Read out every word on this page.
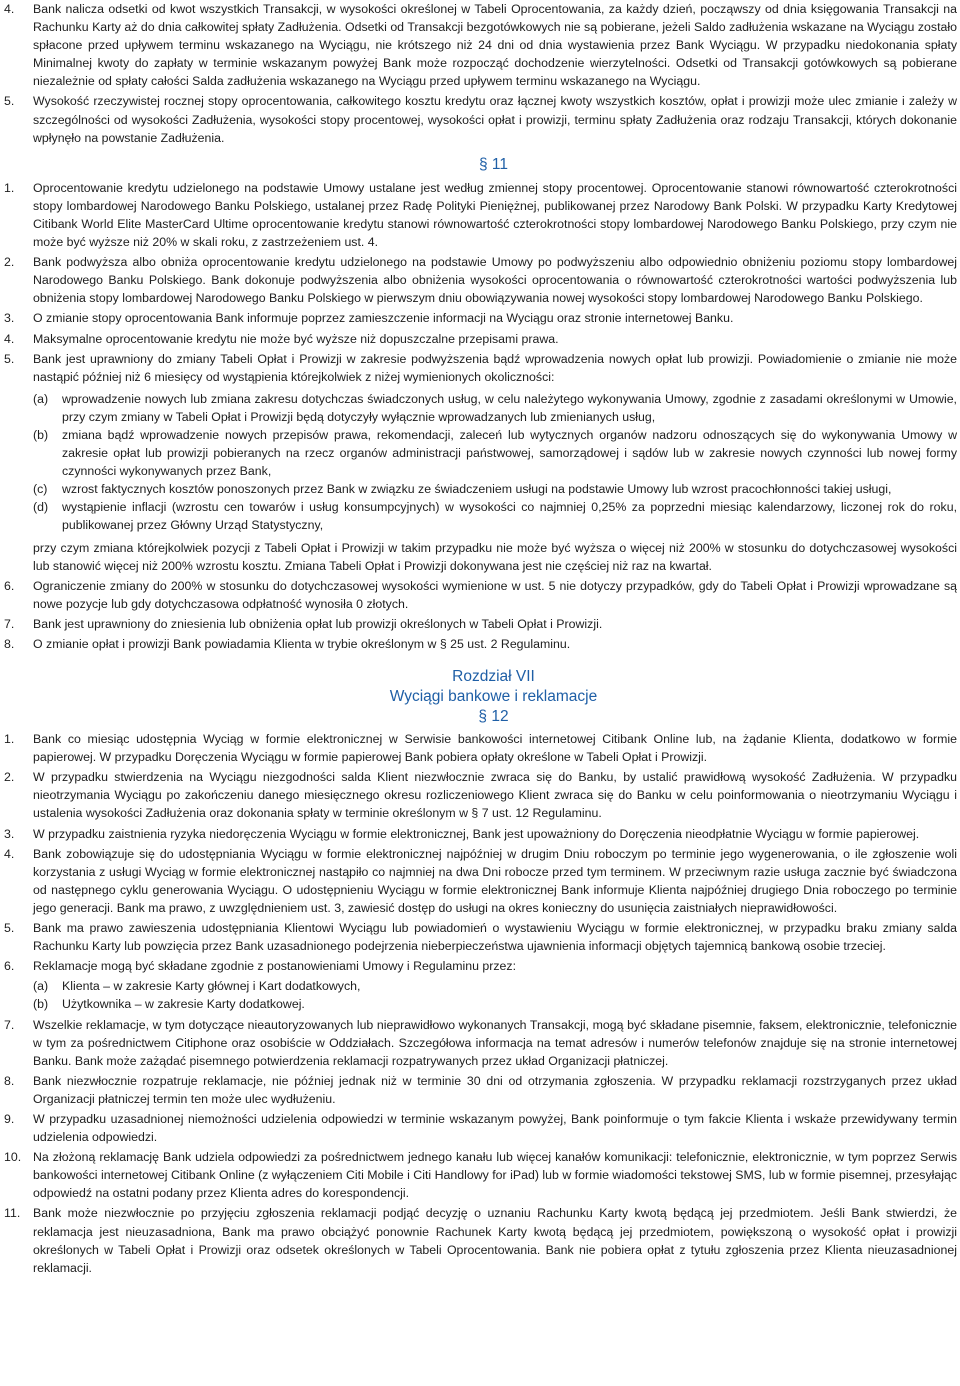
4.	Bank nalicza odsetki od kwot wszystkich Transakcji, w wysokości określonej w Tabeli Oprocentowania, za każdy dzień, począwszy od dnia księgowania Transakcji na Rachunku Karty aż do dnia całkowitej spłaty Zadłużenia. Odsetki od Transakcji bezgotówkowych nie są pobierane, jeżeli Saldo zadłużenia wskazane na Wyciągu zostało spłacone przed upływem terminu wskazanego na Wyciągu, nie krótszego niż 24 dni od dnia wystawienia przez Bank Wyciągu. W przypadku niedokonania spłaty Minimalnej kwoty do zapłaty w terminie wskazanym powyżej Bank może rozpocząć dochodzenie wierzytelności. Odsetki od Transakcji gotówkowych są pobierane niezależnie od spłaty całości Salda zadłużenia wskazanego na Wyciągu przed upływem terminu wskazanego na Wyciągu.
5.	Wysokość rzeczywistej rocznej stopy oprocentowania, całkowitego kosztu kredytu oraz łącznej kwoty wszystkich kosztów, opłat i prowizji może ulec zmianie i zależy w szczególności od wysokości Zadłużenia, wysokości stopy procentowej, wysokości opłat i prowizji, terminu spłaty Zadłużenia oraz rodzaju Transakcji, których dokonanie wpłynęło na powstanie Zadłużenia.
§ 11
1.	Oprocentowanie kredytu udzielonego na podstawie Umowy ustalane jest według zmiennej stopy procentowej. Oprocentowanie stanowi równowartość czterokrotności stopy lombardowej Narodowego Banku Polskiego, ustalanej przez Radę Polityki Pieniężnej, publikowanej przez Narodowy Bank Polski. W przypadku Karty Kredytowej Citibank World Elite MasterCard Ultime oprocentowanie kredytu stanowi równowartość czterokrotności stopy lombardowej Narodowego Banku Polskiego, przy czym nie może być wyższe niż 20% w skali roku, z zastrzeżeniem ust. 4.
2.	Bank podwyższa albo obniża oprocentowanie kredytu udzielonego na podstawie Umowy po podwyższeniu albo odpowiednio obniżeniu poziomu stopy lombardowej Narodowego Banku Polskiego. Bank dokonuje podwyższenia albo obniżenia wysokości oprocentowania o równowartość czterokrotności wartości podwyższenia lub obniżenia stopy lombardowej Narodowego Banku Polskiego w pierwszym dniu obowiązywania nowej wysokości stopy lombardowej Narodowego Banku Polskiego.
3.	O zmianie stopy oprocentowania Bank informuje poprzez zamieszczenie informacji na Wyciągu oraz stronie internetowej Banku.
4.	Maksymalne oprocentowanie kredytu nie może być wyższe niż dopuszczalne przepisami prawa.
5.	Bank jest uprawniony do zmiany Tabeli Opłat i Prowizji w zakresie podwyższenia bądź wprowadzenia nowych opłat lub prowizji. Powiadomienie o zmianie nie może nastąpić później niż 6 miesięcy od wystąpienia którejkolwiek z niżej wymienionych okoliczności:
(a)	wprowadzenie nowych lub zmiana zakresu dotychczas świadczonych usług, w celu należytego wykonywania Umowy, zgodnie z zasadami określonymi w Umowie, przy czym zmiany w Tabeli Opłat i Prowizji będą dotyczyły wyłącznie wprowadzanych lub zmienianych usług,
(b)	zmiana bądź wprowadzenie nowych przepisów prawa, rekomendacji, zaleceń lub wytycznych organów nadzoru odnoszących się do wykonywania Umowy w zakresie opłat lub prowizji pobieranych na rzecz organów administracji państwowej, samorządowej i sądów lub w zakresie nowych czynności lub nowej formy czynności wykonywanych przez Bank,
(c)	wzrost faktycznych kosztów ponoszonych przez Bank w związku ze świadczeniem usługi na podstawie Umowy lub wzrost pracochłonności takiej usługi,
(d)	wystąpienie inflacji (wzrostu cen towarów i usług konsumpcyjnych) w wysokości co najmniej 0,25% za poprzedni miesiąc kalendarzowy, liczonej rok do roku, publikowanej przez Główny Urząd Statystyczny,
przy czym zmiana którejkolwiek pozycji z Tabeli Opłat i Prowizji w takim przypadku nie może być wyższa o więcej niż 200% w stosunku do dotychczasowej wysokości lub stanowić więcej niż 200% wzrostu kosztu. Zmiana Tabeli Opłat i Prowizji dokonywana jest nie częściej niż raz na kwartał.
6.	Ograniczenie zmiany do 200% w stosunku do dotychczasowej wysokości wymienione w ust. 5 nie dotyczy przypadków, gdy do Tabeli Opłat i Prowizji wprowadzane są nowe pozycje lub gdy dotychczasowa odpłatność wynosiła 0 złotych.
7.	Bank jest uprawniony do zniesienia lub obniżenia opłat lub prowizji określonych w Tabeli Opłat i Prowizji.
8.	O zmianie opłat i prowizji Bank powiadamia Klienta w trybie określonym w § 25 ust. 2 Regulaminu.
Rozdział VII
Wyciągi bankowe i reklamacje
§ 12
1.	Bank co miesiąc udostępnia Wyciąg w formie elektronicznej w Serwisie bankowości internetowej Citibank Online lub, na żądanie Klienta, dodatkowo w formie papierowej. W przypadku Doręczenia Wyciągu w formie papierowej Bank pobiera opłaty określone w Tabeli Opłat i Prowizji.
2.	W przypadku stwierdzenia na Wyciągu niezgodności salda Klient niezwłocznie zwraca się do Banku, by ustalić prawidłową wysokość Zadłużenia. W przypadku nieotrzymania Wyciągu po zakończeniu danego miesięcznego okresu rozliczeniowego Klient zwraca się do Banku w celu poinformowania o nieotrzymaniu Wyciągu i ustalenia wysokości Zadłużenia oraz dokonania spłaty w terminie określonym w § 7 ust. 12 Regulaminu.
3.	W przypadku zaistnienia ryzyka niedoręczenia Wyciągu w formie elektronicznej, Bank jest upoważniony do Doręczenia nieodpłatnie Wyciągu w formie papierowej.
4.	Bank zobowiązuje się do udostępniania Wyciągu w formie elektronicznej najpóźniej w drugim Dniu roboczym po terminie jego wygenerowania, o ile zgłoszenie woli korzystania z usługi Wyciąg w formie elektronicznej nastąpiło co najmniej na dwa Dni robocze przed tym terminem. W przeciwnym razie usługa zacznie być świadczona od następnego cyklu generowania Wyciągu. O udostępnieniu Wyciągu w formie elektronicznej Bank informuje Klienta najpóźniej drugiego Dnia roboczego po terminie jego generacji. Bank ma prawo, z uwzględnieniem ust. 3, zawiesić dostęp do usługi na okres konieczny do usunięcia zaistniałych nieprawidłowości.
5.	Bank ma prawo zawieszenia udostępniania Klientowi Wyciągu lub powiadomień o wystawieniu Wyciągu w formie elektronicznej, w przypadku braku zmiany salda Rachunku Karty lub powzięcia przez Bank uzasadnionego podejrzenia nieberpieczeństwa ujawnienia informacji objętych tajemnicą bankową osobie trzeciej.
6.	Reklamacje mogą być składane zgodnie z postanowieniami Umowy i Regulaminu przez:
(a)	Klienta – w zakresie Karty głównej i Kart dodatkowych,
(b)	Użytkownika – w zakresie Karty dodatkowej.
7.	Wszelkie reklamacje, w tym dotyczące nieautoryzowanych lub nieprawidłowo wykonanych Transakcji, mogą być składane pisemnie, faksem, elektronicznie, telefonicznie w tym za pośrednictwem Citiphone oraz osobiście w Oddziałach. Szczegółowa informacja na temat adresów i numerów telefonów znajduje się na stronie internetowej Banku. Bank może zażądać pisemnego potwierdzenia reklamacji rozpatrywanych przez układ Organizacji płatniczej.
8.	Bank niezwłocznie rozpatruje reklamacje, nie później jednak niż w terminie 30 dni od otrzymania zgłoszenia. W przypadku reklamacji rozstrzyganych przez układ Organizacji płatniczej termin ten może ulec wydłużeniu.
9.	W przypadku uzasadnionej niemożności udzielenia odpowiedzi w terminie wskazanym powyżej, Bank poinformuje o tym fakcie Klienta i wskaże przewidywany termin udzielenia odpowiedzi.
10. Na złożoną reklamację Bank udziela odpowiedzi za pośrednictwem jednego kanału lub więcej kanałów komunikacji: telefonicznie, elektronicznie, w tym poprzez Serwis bankowości internetowej Citibank Online (z wyłączeniem Citi Mobile i Citi Handlowy for iPad) lub w formie wiadomości tekstowej SMS, lub w formie pisemnej, przesyłając odpowiedź na ostatni podany przez Klienta adres do korespondencji.
11.	Bank może niezwłocznie po przyjęciu zgłoszenia reklamacji podjąć decyzję o uznaniu Rachunku Karty kwotą będącą jej przedmiotem. Jeśli Bank stwierdzi, że reklamacja jest nieuzasadniona, Bank ma prawo obciążyć ponownie Rachunek Karty kwotą będącą jej przedmiotem, powiększoną o wysokość opłat i prowizji określonych w Tabeli Opłat i Prowizji oraz odsetek określonych w Tabeli Oprocentowania. Bank nie pobiera opłat z tytułu zgłoszenia przez Klienta nieuzasadnionej reklamacji.
